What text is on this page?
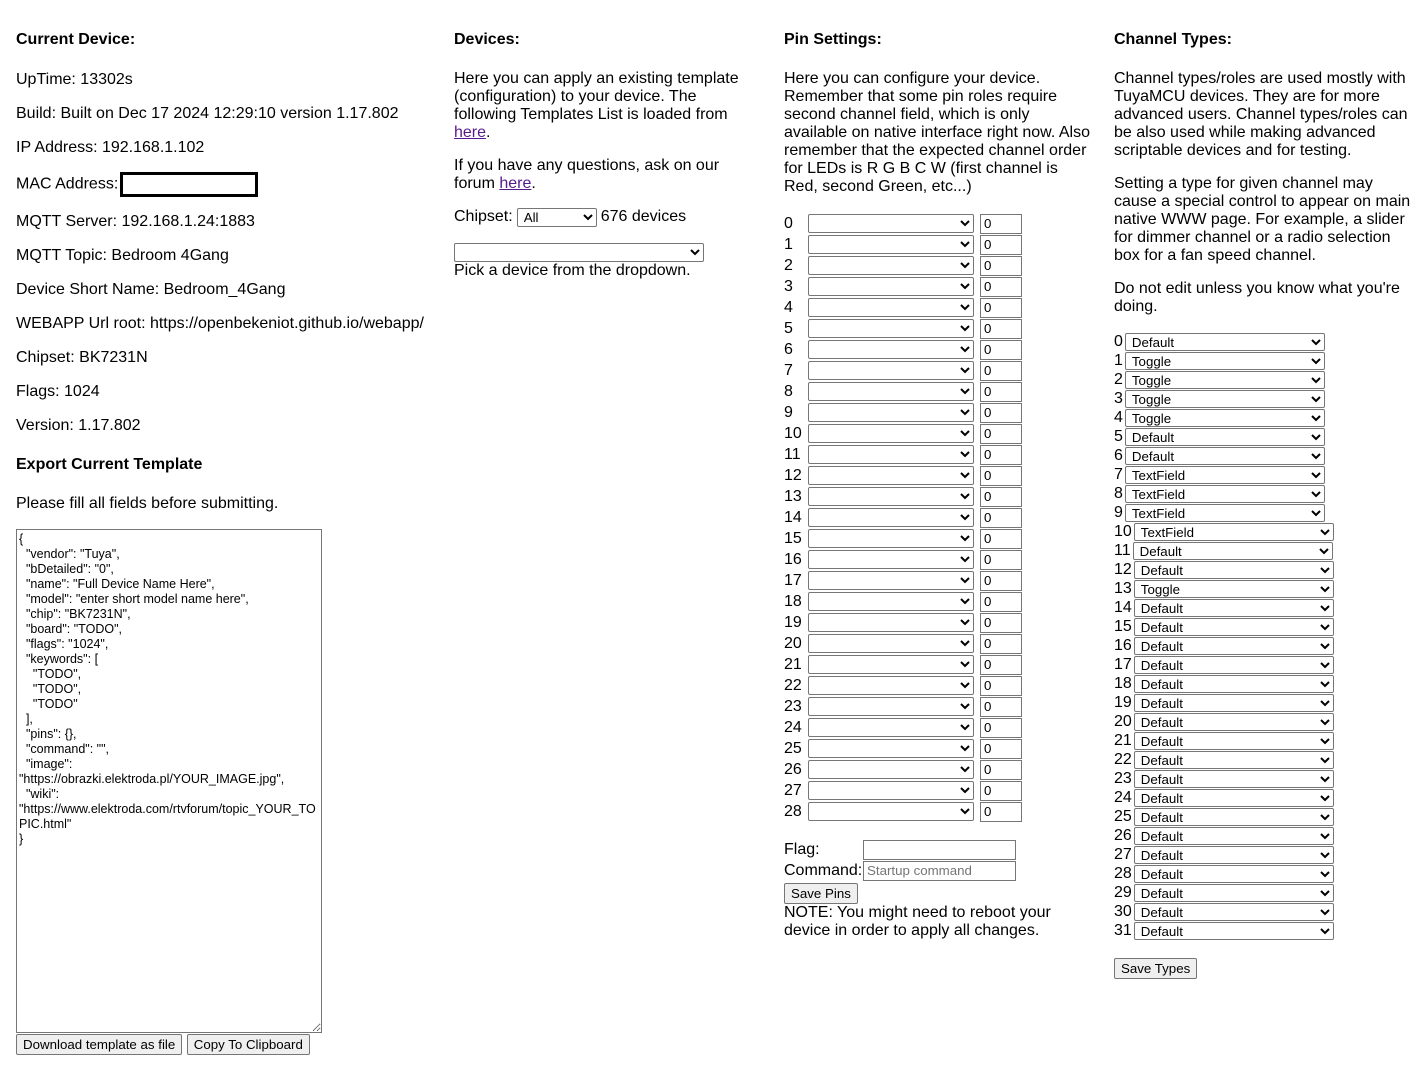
Current Device:

UpTime: 13302s

Build: Built on Dec 17 2024 12:29:10 version 1.17.802

IP Address: 192.168.1.102

MAC Address:

MQTT Server: 192.168.1.24:1883

MQTT Topic: Bedroom 4Gang

Device Short Name: Bedroom_4Gang

WEBAPP Url root: https://openbekeniot.github.io/webapp/

Chipset: BK7231N

Flags: 1024

Version: 1.17.802

Export Current Template

Please fill all fields before submitting.

{ "vendor": "Tuya", "bDetailed": "0", "name": "Full Device Name Here", "model": "enter short model name here", "chip": "BK7231N", "board": "TODO", "flags": "1024", "keywords": [ "TODO", "TODO", "TODO" ], "pins": {}, "command": "", "image": "https://obrazki.elektroda.pl/YOUR_IMAGE.jpg", "wiki": "https://www.elektroda.com/rtvforum/topic_YOUR_TOPIC.html" }
Download template as file Copy To Clipboard
Devices:

Here you can apply an existing template (configuration) to your device. The following Templates List is loaded from here.

If you have any questions, ask on our forum here.

Chipset:
All	676 devices
Pick a device from the dropdown.
Pin Settings:

Here you can configure your device. Remember that some pin roles require second channel field, which is only available on native interface right now. Also remember that the expected channel order for LEDs is R G B C W (first channel is Red, second Green, etc...)

0
0
1
0
2
0
3
0
4
0
5
0
6
0
7
0
8
0
9
0
10
0
11
0
12
0
13
0
14
0
15
0
16
0
17
0
18
0
19
0
20
0
21
0
22
0
23
0
24
0
25
0
26
0
27
0
28
0
Flag:
Command:
Startup command
Save Pins
NOTE: You might need to reboot your device in order to apply all changes.
Channel Types:

Channel types/roles are used mostly with TuyaMCU devices. They are for more advanced users. Channel types/roles can be also used while making advanced scriptable devices and for testing.

Setting a type for given channel may cause a special control to appear on main native WWW page. For example, a slider for dimmer channel or a radio selection box for a fan speed channel.

Do not edit unless you know what you're doing.

0
Default
1
Toggle
2
Toggle
3
Toggle
4
Toggle
5
Default
6
Default
7
TextField
8
TextField
9
TextField
10
TextField
11
Default
12
Default
13
Toggle
14
Default
15
Default
16
Default
17
Default
18
Default
19
Default
20
Default
21
Default
22
Default
23
Default
24
Default
25
Default
26
Default
27
Default
28
Default
29
Default
30
Default
31
Default
Save Types
